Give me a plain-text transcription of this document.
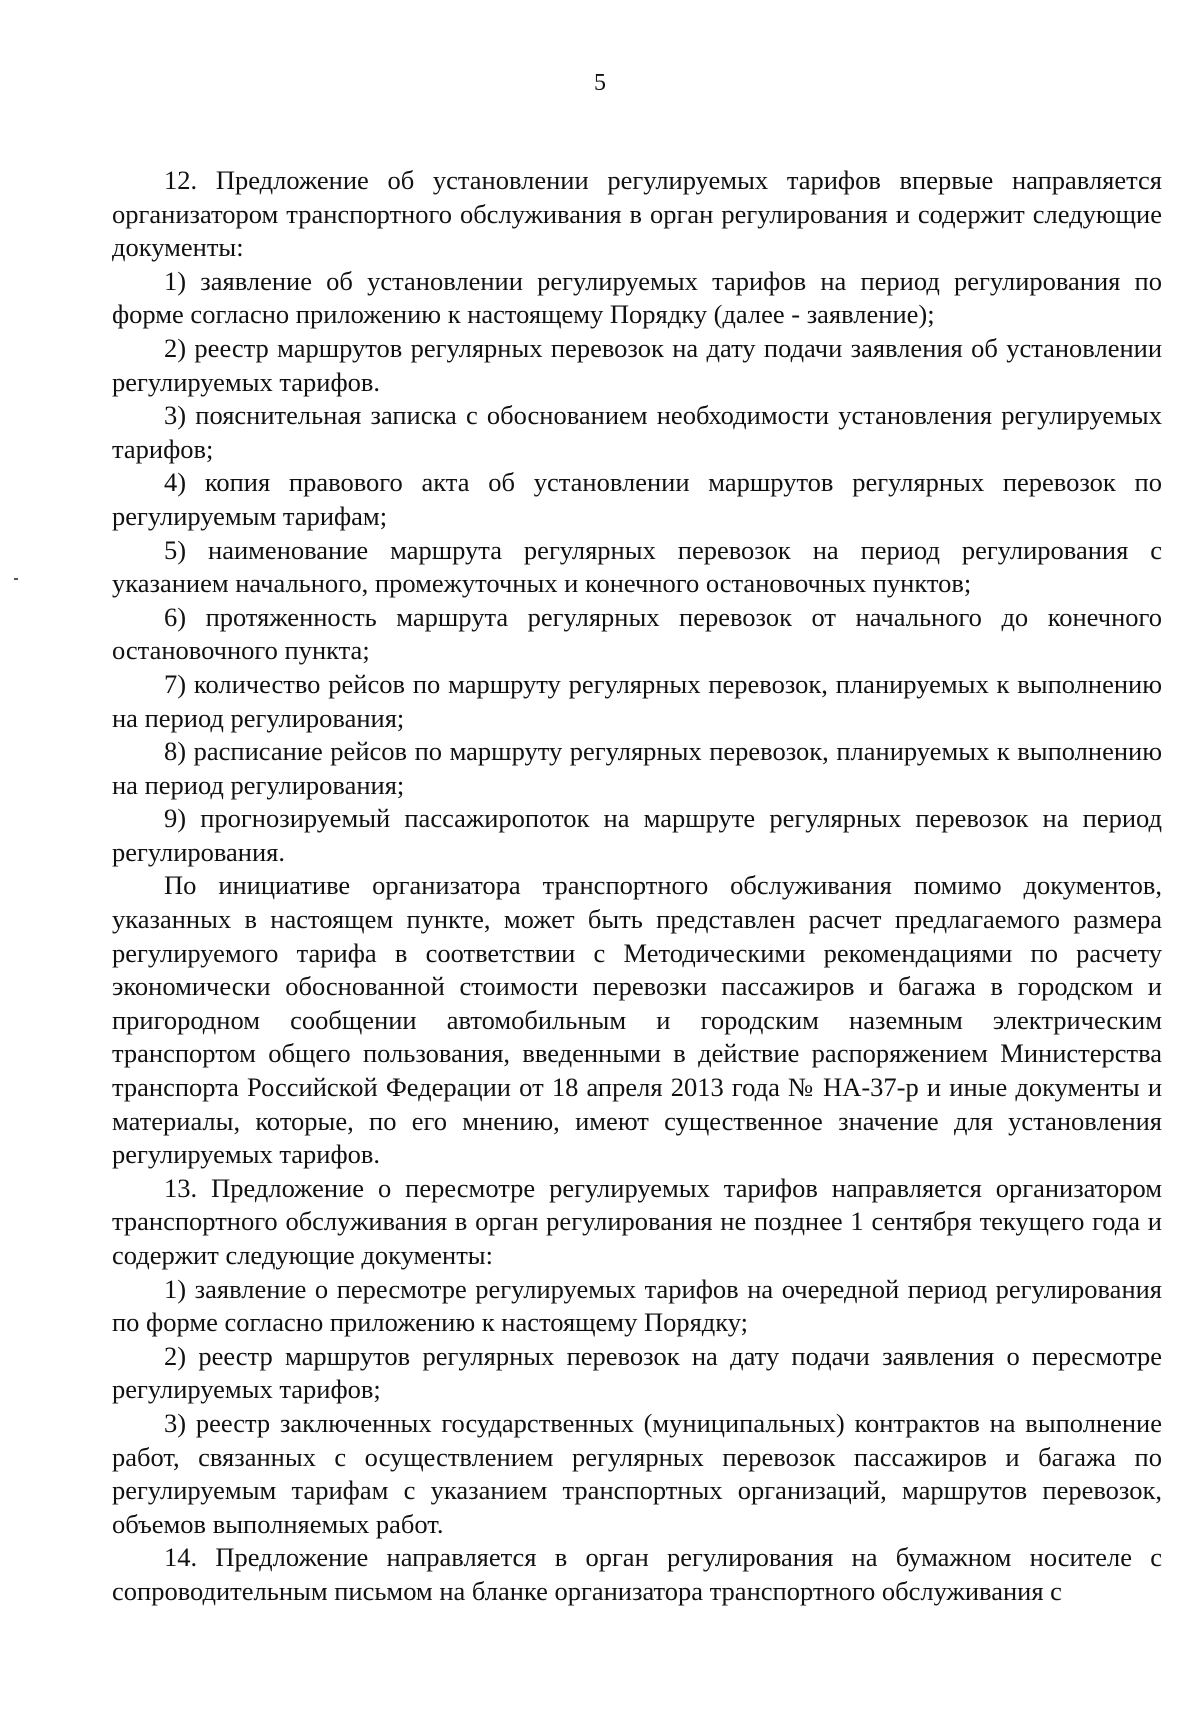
5

12. Предложение об установлении регулируемых тарифов впервые направляется организатором транспортного обслуживания в орган регулирования и содержит следующие документы:

1) заявление об установлении регулируемых тарифов на период регулирования по форме согласно приложению к настоящему Порядку (далее - заявление);

2) реестр маршрутов регулярных перевозок на дату подачи заявления об установлении регулируемых тарифов.

3) пояснительная записка с обоснованием необходимости установления регулируемых тарифов;

4) копия правового акта об установлении маршрутов регулярных перевозок по регулируемым тарифам;

5) наименование маршрута регулярных перевозок на период регулирования с указанием начального, промежуточных и конечного остановочных пунктов;

6) протяженность маршрута регулярных перевозок от начального до конечного остановочного пункта;

7) количество рейсов по маршруту регулярных перевозок, планируемых к выполнению на период регулирования;

8) расписание рейсов по маршруту регулярных перевозок, планируемых к выполнению на период регулирования;

9) прогнозируемый пассажиропоток на маршруте регулярных перевозок на период регулирования.

По инициативе организатора транспортного обслуживания помимо документов, указанных в настоящем пункте, может быть представлен расчет предлагаемого размера регулируемого тарифа в соответствии с Методическими рекомендациями по расчету экономически обоснованной стоимости перевозки пассажиров и багажа в городском и пригородном сообщении автомобильным и городским наземным электрическим транспортом общего пользования, введенными в действие распоряжением Министерства транспорта Российской Федерации от 18 апреля 2013 года № НА-37-р и иные документы и материалы, которые, по его мнению, имеют существенное значение для установления регулируемых тарифов.

13. Предложение о пересмотре регулируемых тарифов направляется организатором транспортного обслуживания в орган регулирования не позднее 1 сентября текущего года и содержит следующие документы:

1) заявление о пересмотре регулируемых тарифов на очередной период регулирования по форме согласно приложению к настоящему Порядку;

2) реестр маршрутов регулярных перевозок на дату подачи заявления о пересмотре регулируемых тарифов;

3) реестр заключенных государственных (муниципальных) контрактов на выполнение работ, связанных с осуществлением регулярных перевозок пассажиров и багажа по регулируемым тарифам с указанием транспортных организаций, маршрутов перевозок, объемов выполняемых работ.

14. Предложение направляется в орган регулирования на бумажном носителе с сопроводительным письмом на бланке организатора транспортного обслуживания с
